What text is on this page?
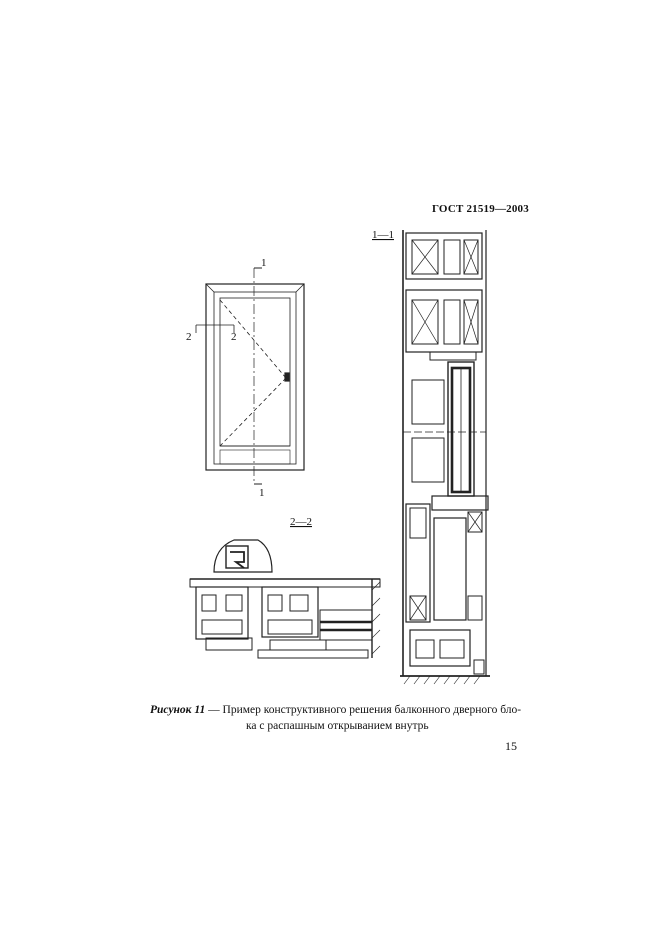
ГОСТ 21519—2003
1
1
2	2
2—2
1—1
Рисунок 11 — Пример конструктивного решения балконного дверного бло-
ка с распашным открыванием внутрь
15
